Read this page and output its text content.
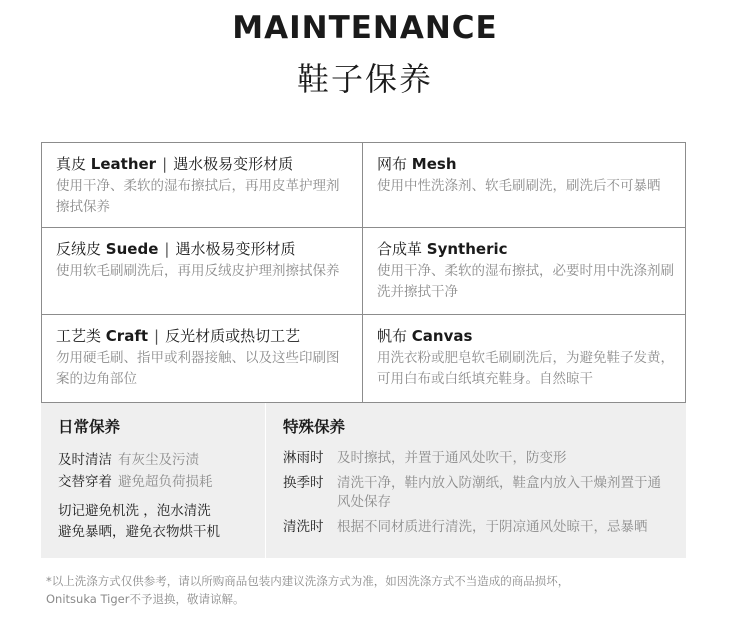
MAINTENANCE
鞋子保养
真皮 Leather | 遇水极易变形材质
使用干净、柔软的湿布擦拭后，再用皮革护理剂擦拭保养
网布 Mesh
使用中性洗涤剂、软毛刷刷洗，刷洗后不可暴晒
反绒皮 Suede | 遇水极易变形材质
使用软毛刷刷洗后，再用反绒皮护理剂擦拭保养
合成革 Syntheric
使用干净、柔软的湿布擦拭，必要时用中洗涤剂刷洗并擦拭干净
工艺类 Craft | 反光材质或热切工艺
勿用硬毛刷、指甲或利器接触、以及这些印刷图案的边角部位
帆布 Canvas
用洗衣粉或肥皂软毛刷刷洗后，为避免鞋子发黄，可用白布或白纸填充鞋身。自然晾干
日常保养
及时清洁 有灰尘及污渍
交替穿着 避免超负荷损耗
切记避免机洗 ，泡水清洗
避免暴晒，避免衣物烘干机
特殊保养
淋雨时	及时擦拭，并置于通风处吹干，防变形
换季时	清洗干净，鞋内放入防潮纸，鞋盒内放入干燥剂置于通风处保存
清洗时	根据不同材质进行清洗，于阴凉通风处晾干，忌暴晒
*以上洗涤方式仅供参考，请以所购商品包装内建议洗涤方式为准，如因洗涤方式不当造成的商品损坏，
Onitsuka Tiger不予退换，敬请谅解。
